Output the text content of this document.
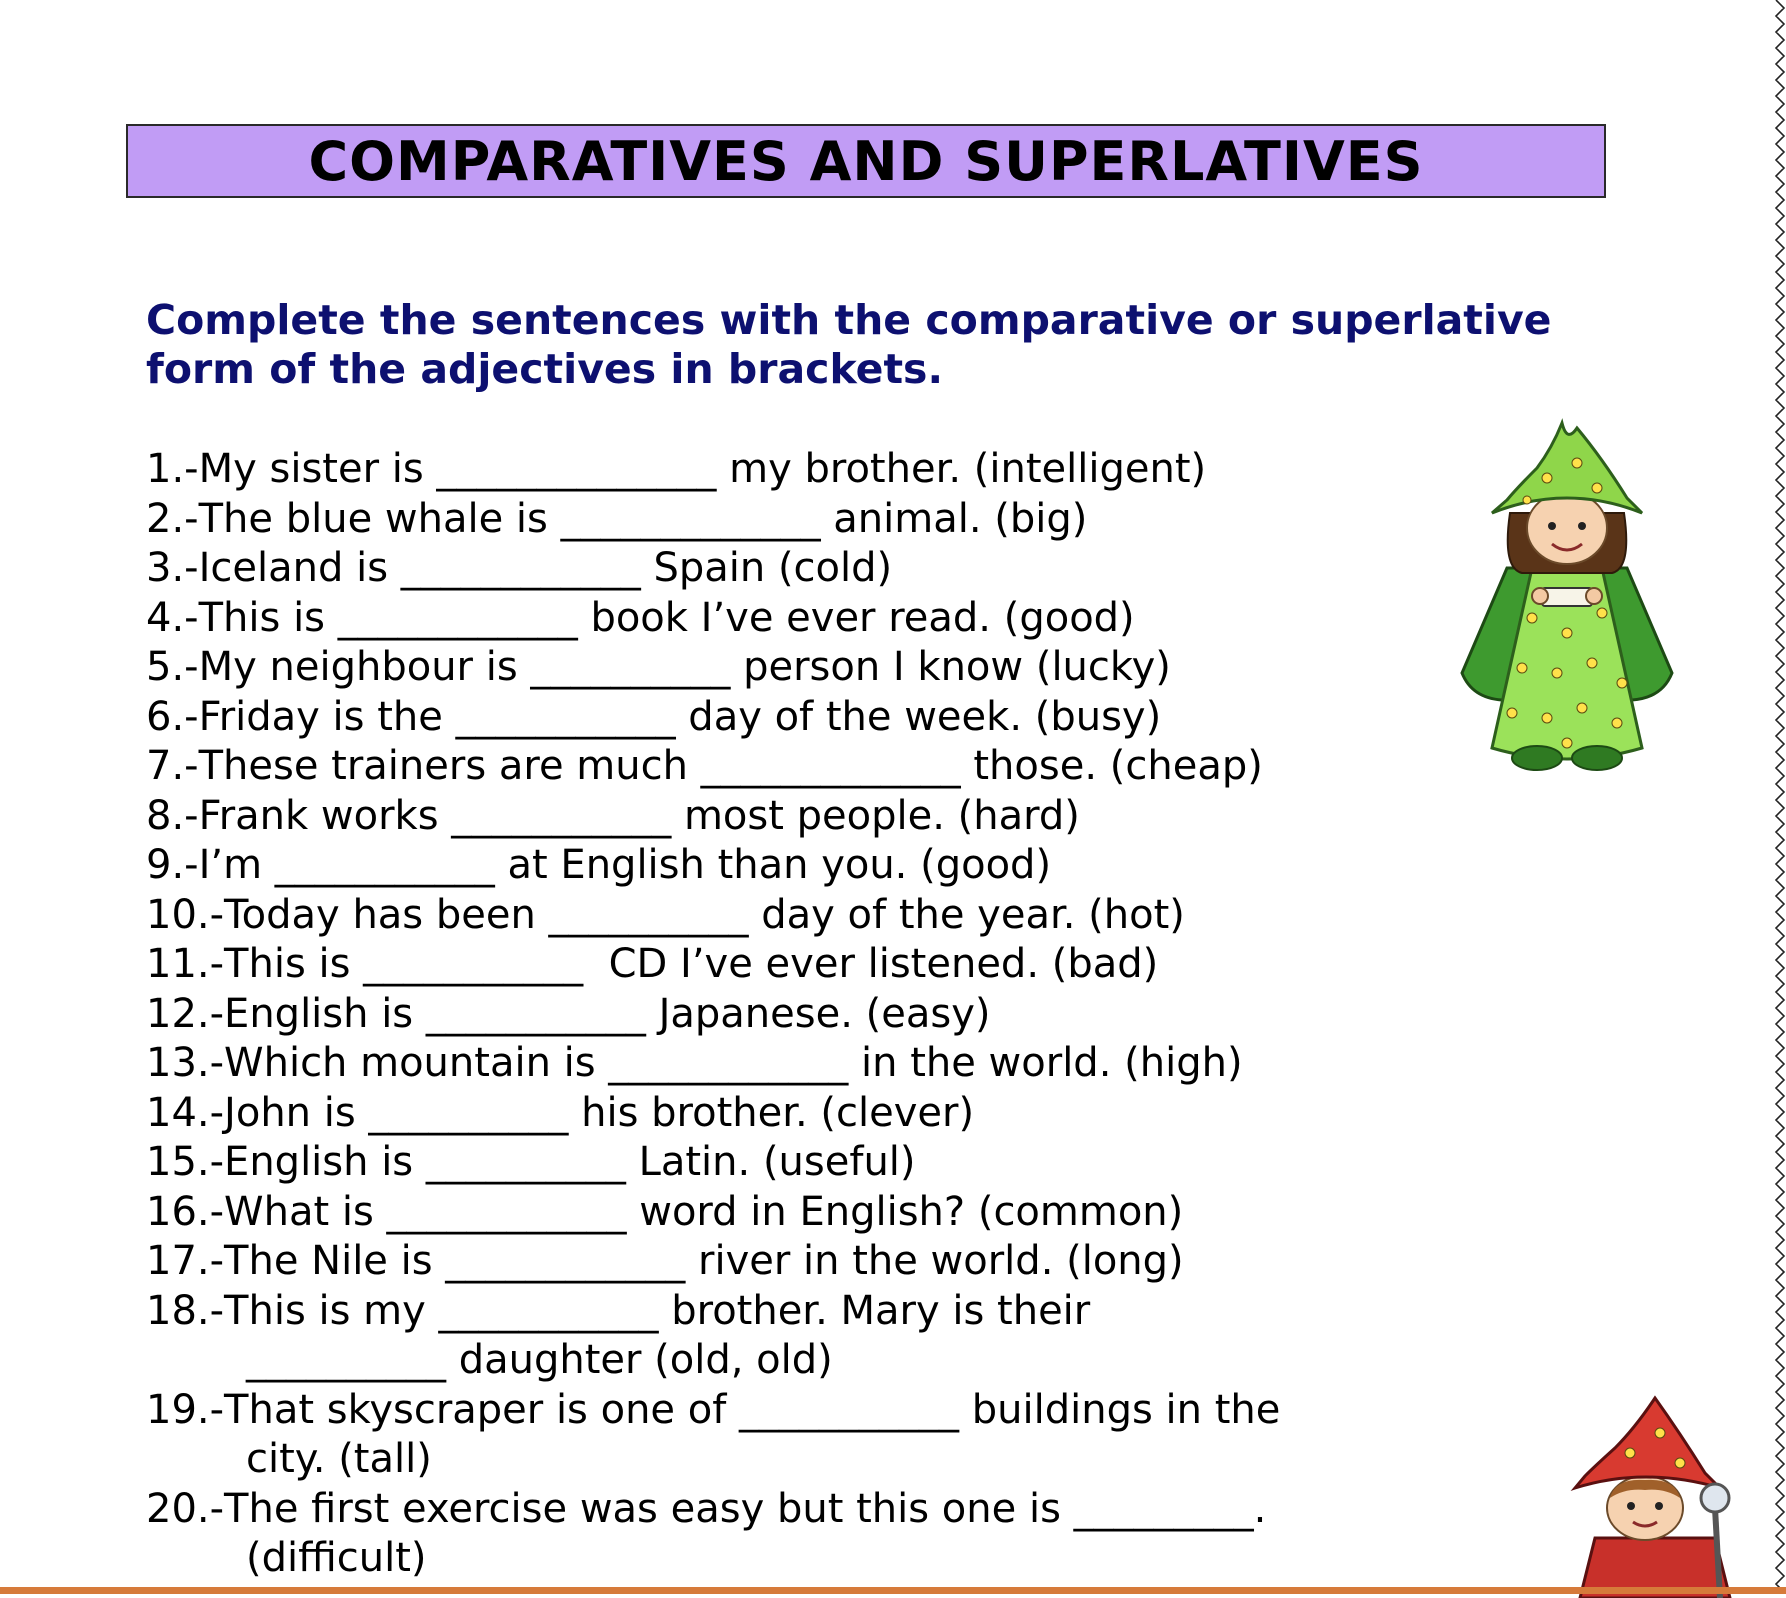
COMPARATIVES AND SUPERLATIVES
Complete the sentences with the comparative or superlative form of the adjectives in brackets.
1.- My sister is ______________ my brother. (intelligent)
2.- The blue whale is _____________ animal. (big)
3.- Iceland is ____________ Spain (cold)
4.- This is ____________ book I’ve ever read. (good)
5.- My neighbour is __________ person I know (lucky)
6.- Friday is the ___________ day of the week. (busy)
7.- These trainers are much _____________ those. (cheap)
8.- Frank works ___________ most people. (hard)
9.- I’m ___________ at English than you. (good)
10.- Today has been __________ day of the year. (hot)
11.- This is ___________  CD I’ve ever listened. (bad)
12.- English is ___________ Japanese. (easy)
13.- Which mountain is ____________ in the world. (high)
14.- John is __________ his brother. (clever)
15.- English is __________ Latin. (useful)
16.- What is ____________ word in English? (common)
17.- The Nile is ____________ river in the world. (long)
18.- This is my ___________ brother. Mary is their
__________ daughter (old, old)
19.- That skyscraper is one of ___________ buildings in the
city. (tall)
20.- The first exercise was easy but this one is _________.
(difficult)
